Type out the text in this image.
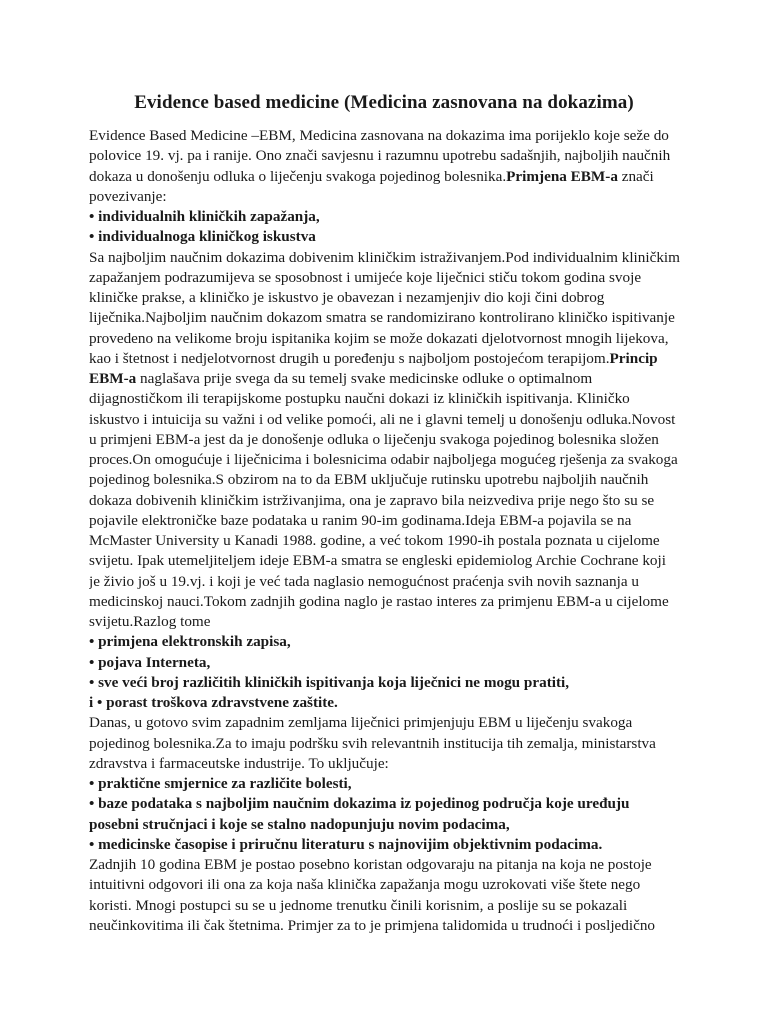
Evidence based medicine (Medicina zasnovana na dokazima)
Evidence Based Medicine –EBM, Medicina zasnovana na dokazima ima porijeklo koje seže do
polovice 19. vj. pa i ranije. Ono znači savjesnu i razumnu upotrebu sadašnjih, najboljih naučnih
dokaza u donošenju odluka o liječenju svakoga pojedinog bolesnika.Primjena EBM-a znači
povezivanje:
• individualnih kliničkih zapažanja,
• individualnoga kliničkog iskustva
Sa najboljim naučnim dokazima dobivenim kliničkim istraživanjem.Pod individualnim kliničkim
zapažanjem podrazumijeva se sposobnost i umijeće koje liječnici stiču tokom godina svoje
kliničke prakse, a kliničko je iskustvo je obavezan i nezamjenjiv dio koji čini dobrog
liječnika.Najboljim naučnim dokazom smatra se randomizirano kontrolirano kliničko ispitivanje
provedeno na velikome broju ispitanika kojim se može dokazati djelotvornost mnogih lijekova,
kao i štetnost i nedjelotvornost drugih u poređenju s najboljom postojećom terapijom.Princip
EBM-a naglašava prije svega da su temelj svake medicinske odluke o optimalnom
dijagnostičkom ili terapijskome postupku naučni dokazi iz kliničkih ispitivanja. Kliničko
iskustvo i intuicija su važni i od velike pomoći, ali ne i glavni temelj u donošenju odluka.Novost
u primjeni EBM-a jest da je donošenje odluka o liječenju svakoga pojedinog bolesnika složen
proces.On omogućuje i liječnicima i bolesnicima odabir najboljega mogućeg rješenja za svakoga
pojedinog bolesnika.S obzirom na to da EBM uključuje rutinsku upotrebu najboljih naučnih
dokaza dobivenih kliničkim istrživanjima, ona je zapravo bila neizvediva prije nego što su se
pojavile elektroničke baze podataka u ranim 90-im godinama.Ideja EBM-a pojavila se na
McMaster University u Kanadi 1988. godine, a već tokom 1990-ih postala poznata u cijelome
svijetu. Ipak utemeljiteljem ideje EBM-a smatra se engleski epidemiolog Archie Cochrane koji
je živio još u 19.vj. i koji je već tada naglasio nemogućnost praćenja svih novih saznanja u
medicinskoj nauci.Tokom zadnjih godina naglo je rastao interes za primjenu EBM-a u cijelome
svijetu.Razlog tome
• primjena elektronskih zapisa,
• pojava Interneta,
• sve veći broj različitih kliničkih ispitivanja koja liječnici ne mogu pratiti,
i • porast troškova zdravstvene zaštite.
Danas, u gotovo svim zapadnim zemljama liječnici primjenjuju EBM u liječenju svakoga
pojedinog bolesnika.Za to imaju podršku svih relevantnih institucija tih zemalja, ministarstva
zdravstva i farmaceutske industrije. To uključuje:
• praktične smjernice za različite bolesti,
• baze podataka s najboljim naučnim dokazima iz pojedinog područja koje uređuju
posebni stručnjaci i koje se stalno nadopunjuju novim podacima,
• medicinske časopise i priručnu literaturu s najnovijim objektivnim podacima.
Zadnjih 10 godina EBM je postao posebno koristan odgovaraju na pitanja na koja ne postoje
intuitivni odgovori ili ona za koja naša klinička zapažanja mogu uzrokovati više štete nego
koristi. Mnogi postupci su se u jednome trenutku činili korisnim, a poslije su se pokazali
neučinkovitima ili čak štetnima. Primjer za to je primjena talidomida u trudnoći i posljedično
